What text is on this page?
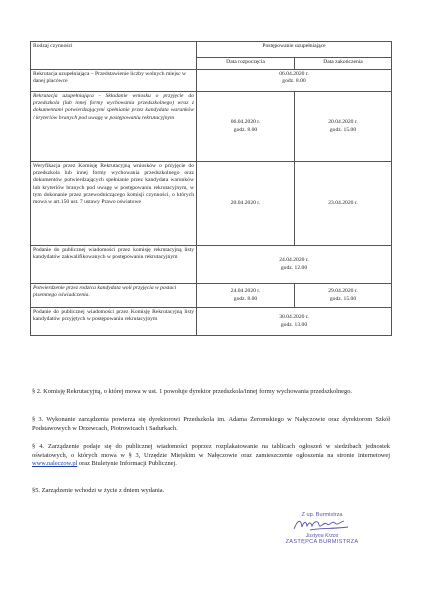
Rodzaj czynności	Postępowanie uzupełniające	
	Data rozpoczęcia	Data zakończenia
Rekrutacja uzupełniająca – Przedstawienie liczby wolnych miejsc w danej placówce	06.04.2020 r.
godz. 8.00	

Rekrutacja uzupełniająca - Składanie wniosku o przyjęcie do przedszkola (lub innej formy wychowania przedszkolnego) wraz z dokumentami potwierdzającymi spełnianie przez kandydata warunków / kryteriów branych pod uwagę w postępowaniu rekrutacyjnym	06.04.2020 r.
godz. 8.00	20.04.2020 r.
godz. 15.00

Weryfikacja przez Komisję Rekrutacyjną wniosków o przyjęcie do przedszkola lub innej formy wychowania przedszkolnego oraz dokumentów potwierdzających spełnianie przez kandydata warunków lub kryteriów branych pod uwagę w postępowaniu rekrutacyjnym, w tym dokonanie przez przewodniczącego komisji czynności, o których mowa w art.150 ust. 7 ustawy Prawo oświatowe	20.04.2020 r.	23.04.2020 r.
Podanie do publicznej wiadomości przez komisję rekrutacyjną listy kandydatów zakwalifikowanych w postępowaniu rekrutacyjnym	24.04.2020 r.
godz. 12.00	

Potwierdzenie przez rodzica kandydata woli przyjęcia w postaci pisemnego oświadczenia.	24.04.2020 r.
godz. 8.00	29.04.2020 r.
godz. 15.00

Podanie do publicznej wiadomości przez Komisję Rekrutacyjną listy kandydatów przyjętych w postępowaniu rekrutacyjnym	30.04.2020 r.
godz. 13.00	

§ 2. Komisję Rekrutacyjną, o której mowa w ust. 1 powołuje dyrektor przedszkola/innej formy wychowania przedszkolnego.

§ 3. Wykonanie zarządzenia powierza się dyrektorowi Przedszkola im. Adama Żeromskiego w Nałęczowie oraz dyrektorom Szkół Podstawowych w Drzewcach, Piotrowicach i Sadurkach.

§ 4. Zarządzenie podaje się do publicznej wiadomości poprzez rozplakatowanie na tablicach ogłoszeń w siedzibach jednostek oświatowych, o których mowa w § 3, Urzędzie Miejskim w Nałęczowie oraz zamieszczenie ogłoszenia na stronie internetowej www.naleczow.pl oraz Biuletynie Informacji Publicznej.

§5. Zarządzenie wchodzi w życie z dniem wydania.

Z up. Burmistrza
Justyna Krzos
ZASTĘPCA BURMISTRZA
